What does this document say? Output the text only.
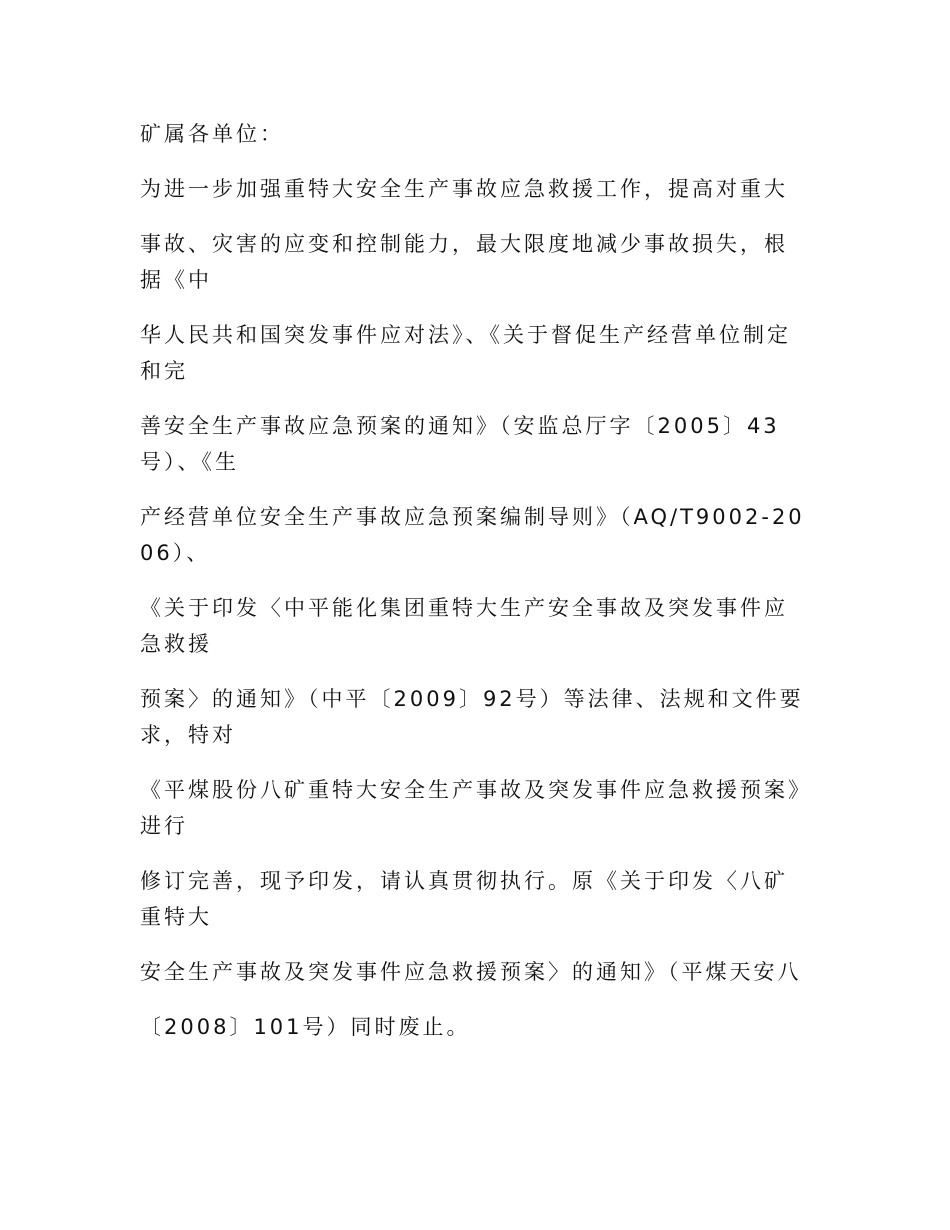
矿属各单位：

为进一步加强重特大安全生产事故应急救援工作，提高对重大

事故、灾害的应变和控制能力，最大限度地减少事故损失，根据《中

华人民共和国突发事件应对法》、《关于督促生产经营单位制定和完

善安全生产事故应急预案的通知》（安监总厅字〔2005〕43号）、《生

产经营单位安全生产事故应急预案编制导则》（AQ/T9002-2006）、

《关于印发〈中平能化集团重特大生产安全事故及突发事件应急救援

预案〉的通知》（中平〔2009〕92号）等法律、法规和文件要求，特对

《平煤股份八矿重特大安全生产事故及突发事件应急救援预案》进行

修订完善，现予印发，请认真贯彻执行。原《关于印发〈八矿重特大

安全生产事故及突发事件应急救援预案〉的通知》（平煤天安八

〔2008〕101号）同时废止。
